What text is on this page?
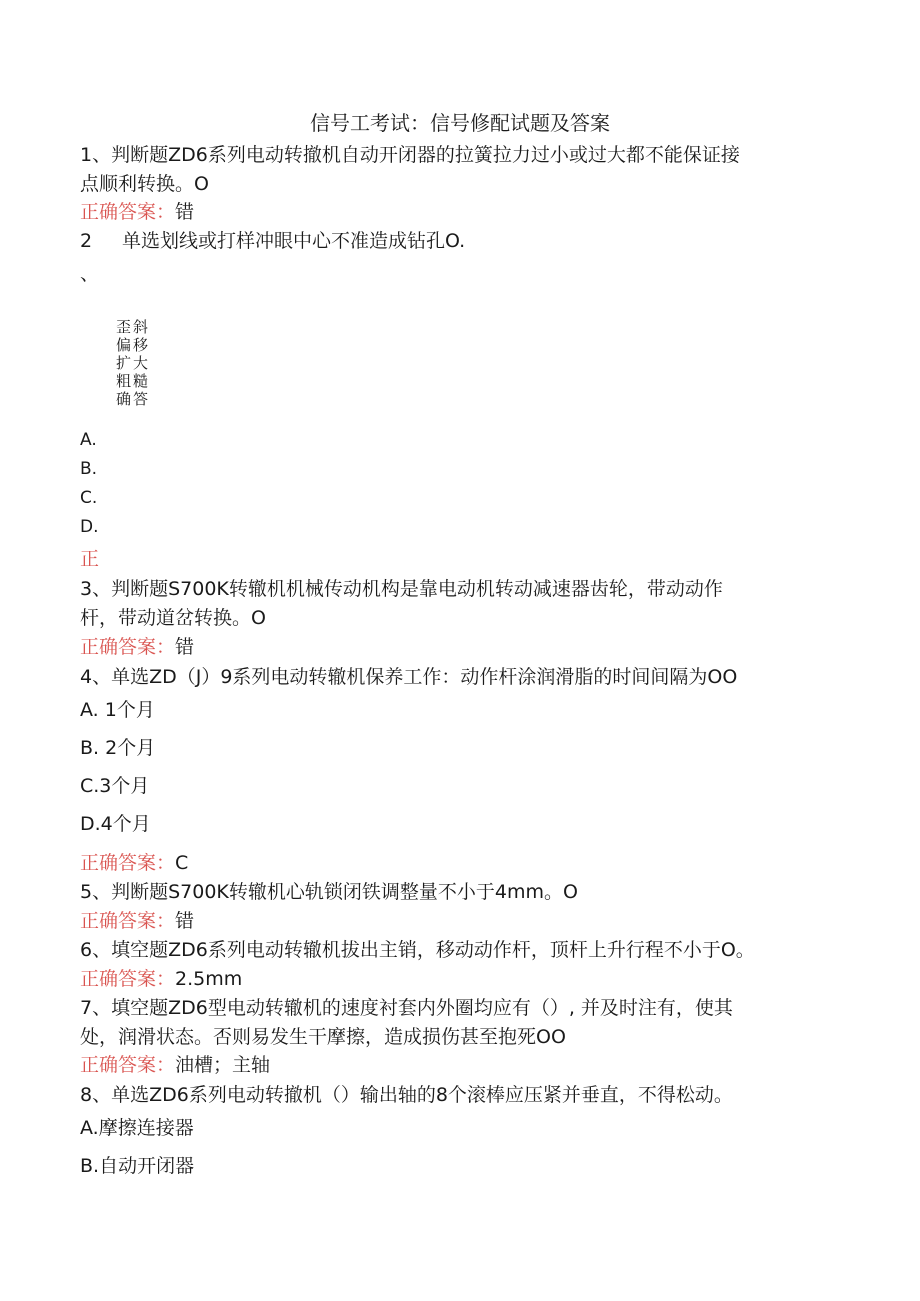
信号工考试：信号修配试题及答案
1、判断题ZD6系列电动转撤机自动开闭器的拉簧拉力过小或过大都不能保证接
点顺利转换。O
正确答案：错
2 单选划线或打样冲眼中心不准造成钻孔O.
、
歪斜
偏移
扩大
粗糙
确答
A.
B.
C.
D.
正
3、判断题S700K转辙机机械传动机构是靠电动机转动减速器齿轮，带动动作
杆，带动道岔转换。O
正确答案：错
4、单选ZD（J）9系列电动转辙机保养工作：动作杆涂润滑脂的时间间隔为OO
A. 1个月
B. 2个月
C.3个月
D.4个月
正确答案：C
5、判断题S700K转辙机心轨锁闭铁调整量不小于4mm。O
正确答案：错
6、填空题ZD6系列电动转辙机拔出主销，移动动作杆，顶杆上升行程不小于O。
正确答案：2.5mm
7、填空题ZD6型电动转辙机的速度衬套内外圈均应有（）, 并及时注有，使其
处，润滑状态。否则易发生干摩擦，造成损伤甚至抱死OO
正确答案：油槽；主轴
8、单选ZD6系列电动转撤机（）输出轴的8个滚棒应压紧并垂直，不得松动。
A.摩擦连接器
B.自动开闭器
